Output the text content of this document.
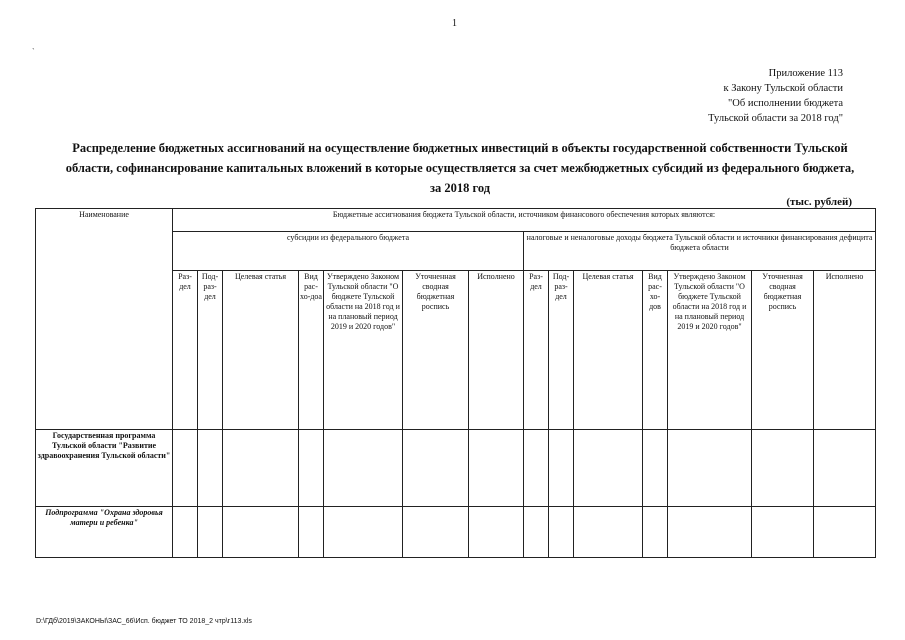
`
1
Приложение 113
к Закону Тульской области
"Об исполнении бюджета
Тульской области за 2018 год"
Распределение бюджетных ассигнований на осуществление бюджетных инвестиций в объекты государственной собственности Тульской области, софинансирование капитальных вложений в которые осуществляется за счет межбюджетных субсидий из федерального бюджета, за 2018 год
(тыс. рублей)
Наименование	Бюджетные ассигнования бюджета Тульской области, источником финансового обеспечения которых являются:													
	субсидии из федерального бюджета							налоговые и неналоговые доходы бюджета Тульской области и источники финансирования дефицита бюджета области						
	Раз-дел	Под-раз-дел	Целевая статья	Вид рас-хо-доа	Утверждено Законом Тульской области "О бюджете Тульской области на 2018 год и на плановый период 2019 и 2020 годов"	Уточненная сводная бюджетная роспись	Исполнено	Раз-дел	Под-раз-дел	Целевая статья	Вид рас-хо-дов	Утверждено Законом Тульской области "О бюджете Тульской области на 2018 год и на плановый период 2019 и 2020 годов"	Уточненная сводная бюджетная роспись	Исполнено
Государственная программа Тульской области "Развитие здравоохранения Тульской области"														
Подпрограмма "Охрана здоровья матери и ребенка"														
D:\ГДб\2019\ЗАКОНЫ\ЗАС_66\Исп. бюджет ТО 2018_2 чтр\г113.xls
